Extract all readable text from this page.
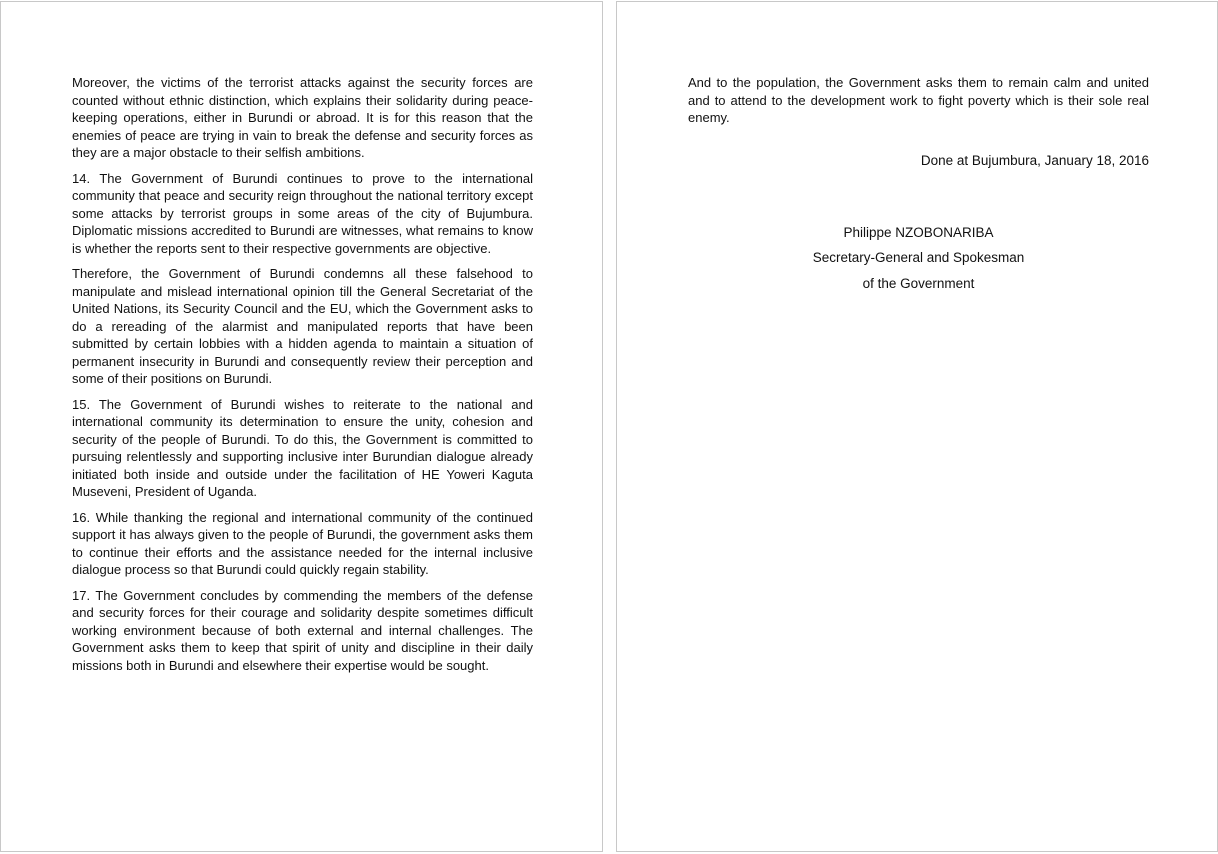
Moreover, the victims of the terrorist attacks against the security forces are counted without ethnic distinction, which explains their solidarity during peace-keeping operations, either in Burundi or abroad. It is for this reason that the enemies of peace are trying in vain to break the defense and security forces as they are a major obstacle to their selfish ambitions.

14. The Government of Burundi continues to prove to the international community that peace and security reign throughout the national territory except some attacks by terrorist groups in some areas of the city of Bujumbura. Diplomatic missions accredited to Burundi are witnesses, what remains to know is whether the reports sent to their respective governments are objective.

Therefore, the Government of Burundi condemns all these falsehood to manipulate and mislead international opinion till the General Secretariat of the United Nations, its Security Council and the EU, which the Government asks to do a rereading of the alarmist and manipulated reports that have been submitted by certain lobbies with a hidden agenda to maintain a situation of permanent insecurity in Burundi and consequently review their perception and some of their positions on Burundi.

15. The Government of Burundi wishes to reiterate to the national and international community its determination to ensure the unity, cohesion and security of the people of Burundi. To do this, the Government is committed to pursuing relentlessly and supporting inclusive inter Burundian dialogue already initiated both inside and outside under the facilitation of HE Yoweri Kaguta Museveni, President of Uganda.

16. While thanking the regional and international community of the continued support it has always given to the people of Burundi, the government asks them to continue their efforts and the assistance needed for the internal inclusive dialogue process so that Burundi could quickly regain stability.

17. The Government concludes by commending the members of the defense and security forces for their courage and solidarity despite sometimes difficult working environment because of both external and internal challenges. The Government asks them to keep that spirit of unity and discipline in their daily missions both in Burundi and elsewhere their expertise would be sought.

And to the population, the Government asks them to remain calm and united and to attend to the development work to fight poverty which is their sole real enemy.

Done at Bujumbura, January 18, 2016
Philippe NZOBONARIBA
Secretary-General and Spokesman
of the Government
